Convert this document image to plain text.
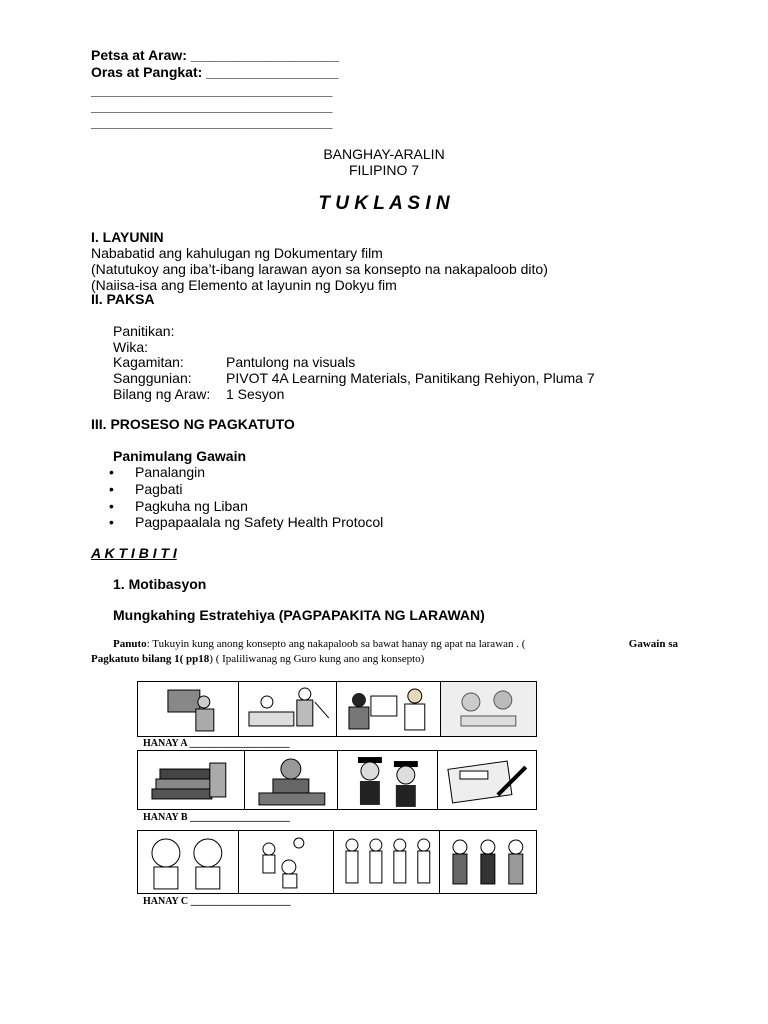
Petsa at Araw: ___________________
Oras at Pangkat: _________________
_______________________________
_______________________________
_______________________________
BANGHAY-ARALIN
FILIPINO 7
T U K L A S I N
I. LAYUNIN
Nababatid ang kahulugan ng Dokumentary film
(Natutukoy ang iba’t-ibang larawan ayon sa konsepto na nakapaloob dito)
(Naiisa-isa ang Elemento at layunin ng Dokyu fim
II. PAKSA
Panitikan:
Wika:
Kagamitan:	Pantulong na visuals
Sanggunian: PIVOT 4A Learning Materials, Panitikang Rehiyon, Pluma 7
Bilang ng Araw: 1 Sesyon
III. PROSESO NG PAGKATUTO
Panimulang Gawain
• Panalangin
• Pagbati
• Pagkuha ng Liban
• Pagpapaalala ng Safety Health Protocol
A K T I B I T I
1. Motibasyon
Mungkahing Estratehiya (PAGPAPAKITA NG LARAWAN)
Panuto: Tukuyin kung anong konsepto ang nakapaloob sa bawat hanay ng apat na larawan . (	Gawain sa
Pagkatuto bilang 1( pp18) ( Ipaliliwanag ng Guro kung ano ang konsepto)
HANAY A ____________________
HANAY B ____________________
HANAY C ____________________
